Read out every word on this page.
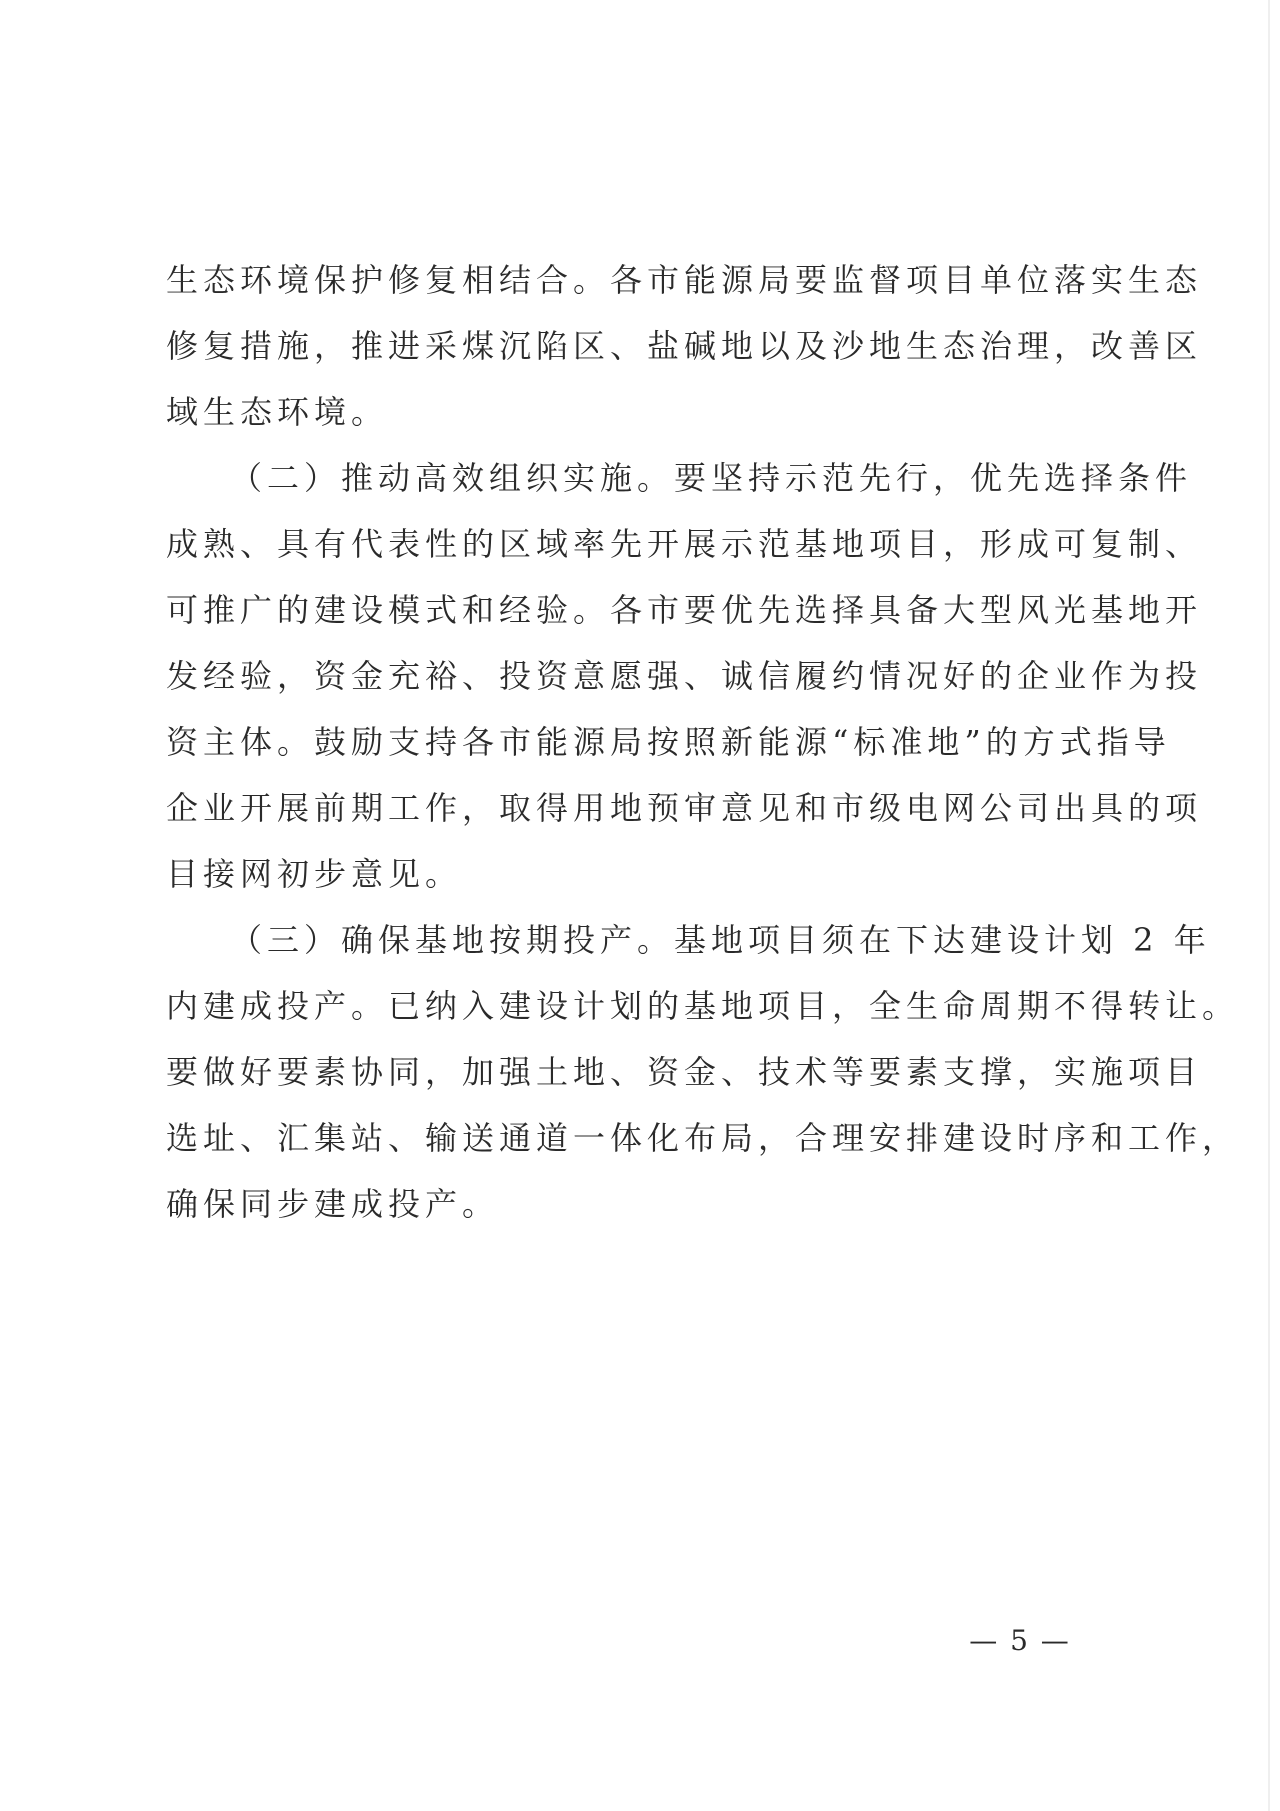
生态环境保护修复相结合。各市能源局要监督项目单位落实生态
修复措施，推进采煤沉陷区、盐碱地以及沙地生态治理，改善区
域生态环境。
（二）推动高效组织实施。要坚持示范先行，优先选择条件
成熟、具有代表性的区域率先开展示范基地项目，形成可复制、
可推广的建设模式和经验。各市要优先选择具备大型风光基地开
发经验，资金充裕、投资意愿强、诚信履约情况好的企业作为投
资主体。鼓励支持各市能源局按照新能源“标准地”的方式指导
企业开展前期工作，取得用地预审意见和市级电网公司出具的项
目接网初步意见。
（三）确保基地按期投产。基地项目须在下达建设计划 2 年
内建成投产。已纳入建设计划的基地项目，全生命周期不得转让。
要做好要素协同，加强土地、资金、技术等要素支撑，实施项目
选址、汇集站、输送通道一体化布局，合理安排建设时序和工作，
确保同步建成投产。
— 5 —
